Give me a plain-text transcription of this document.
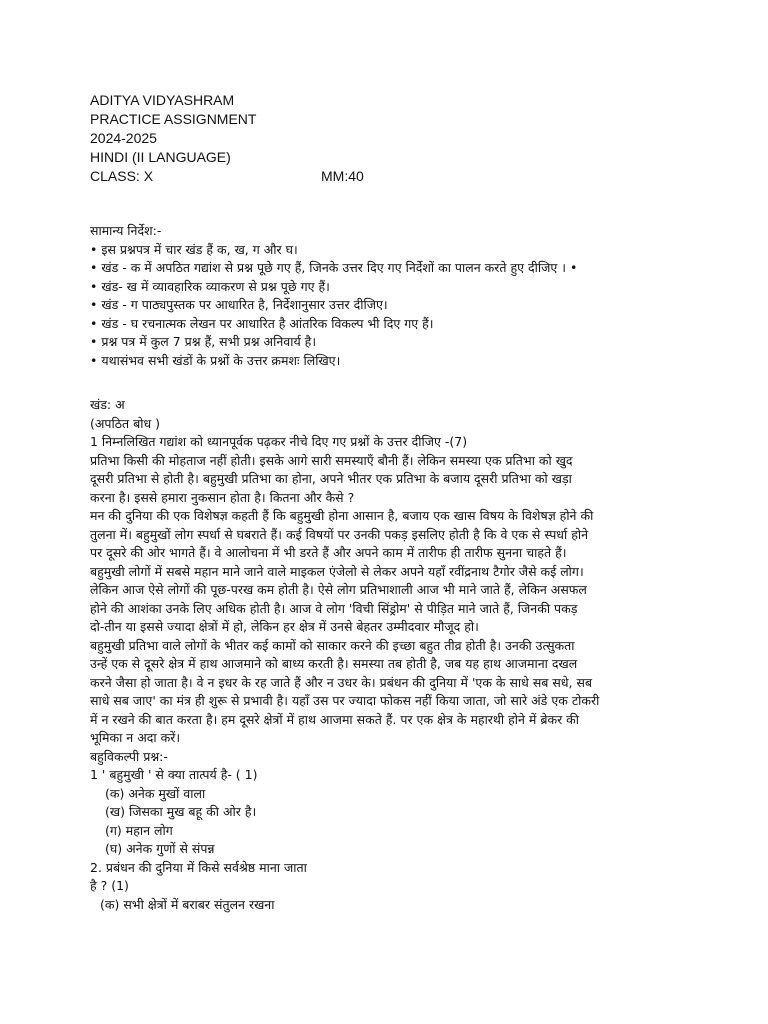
ADITYA VIDYASHRAM
PRACTICE ASSIGNMENT
2024-2025
HINDI (II LANGUAGE)
CLASS: X	MM:40
सामान्य निर्देश:-
• इस प्रश्नपत्र में चार खंड हैं क, ख, ग और घ।
• खंड - क में अपठित गद्यांश से प्रश्न पूछे गए हैं, जिनके उत्तर दिए गए निर्देशों का पालन करते हुए दीजिए । •
• खंड- ख में व्यावहारिक व्याकरण से प्रश्न पूछे गए हैं।
• खंड - ग पाठ्यपुस्तक पर आधारित है, निर्देशानुसार उत्तर दीजिए।
• खंड - घ रचनात्मक लेखन पर आधारित है आंतरिक विकल्प भी दिए गए हैं।
• प्रश्न पत्र में कुल 7 प्रश्न हैं, सभी प्रश्न अनिवार्य है।
• यथासंभव सभी खंडों के प्रश्नों के उत्तर क्रमशः लिखिए।
खंड: अ
(अपठित बोध )
1 निम्नलिखित गद्यांश को ध्यानपूर्वक पढ़कर नीचे दिए गए प्रश्नों के उत्तर दीजिए -(7)
प्रतिभा किसी की मोहताज नहीं होती। इसके आगे सारी समस्याएँ बौनी हैं। लेकिन समस्या एक प्रतिभा को खुद
दूसरी प्रतिभा से होती है। बहुमुखी प्रतिभा का होना, अपने भीतर एक प्रतिभा के बजाय दूसरी प्रतिभा को खड़ा
करना है। इससे हमारा नुकसान होता है। कितना और कैसे ?
मन की दुनिया की एक विशेषज्ञ कहती हैं कि बहुमुखी होना आसान है, बजाय एक खास विषय के विशेषज्ञ होने की
तुलना में। बहुमुखों लोग स्पर्धा से घबराते हैं। कई विषयों पर उनकी पकड़ इसलिए होती है कि वे एक से स्पर्धा होने
पर दूसरे की ओर भागते हैं। वे आलोचना में भी डरते हैं और अपने काम में तारीफ ही तारीफ सुनना चाहते हैं।
बहुमुखी लोगों में सबसे महान माने जाने वाले माइकल एंजेलो से लेकर अपने यहाँ रवींद्रनाथ टैगोर जैसे कई लोग।
लेकिन आज ऐसे लोगों की पूछ-परख कम होती है। ऐसे लोग प्रतिभाशाली आज भी माने जाते हैं, लेकिन असफल
होने की आशंका उनके लिए अधिक होती है। आज वे लोग 'विची सिंड्रोम' से पीड़ित माने जाते हैं, जिनकी पकड़
दो-तीन या इससे ज्यादा क्षेत्रों में हो, लेकिन हर क्षेत्र में उनसे बेहतर उम्मीदवार मौजूद हो।
बहुमुखी प्रतिभा वाले लोगों के भीतर कई कामों को साकार करने की इच्छा बहुत तीव्र होती है। उनकी उत्सुकता
उन्हें एक से दूसरे क्षेत्र में हाथ आजमाने को बाध्य करती है। समस्या तब होती है, जब यह हाथ आजमाना दखल
करने जैसा हो जाता है। वे न इधर के रह जाते हैं और न उधर के। प्रबंधन की दुनिया में 'एक के साधे सब सधे, सब
साधे सब जाए' का मंत्र ही शुरू से प्रभावी है। यहाँ उस पर ज्यादा फोकस नहीं किया जाता, जो सारे अंडे एक टोकरी
में न रखने की बात करता है। हम दूसरे क्षेत्रों में हाथ आजमा सकते हैं. पर एक क्षेत्र के महारथी होने में ब्रेकर की
भूमिका न अदा करें।
बहुविकल्पी प्रश्न:-
1 ' बहुमुखी ' से क्या तात्पर्य है- ( 1)
(क) अनेक मुखों वाला
(ख) जिसका मुख बहू की ओर है।
(ग) महान लोग
(घ) अनेक गुणों से संपन्न
2. प्रबंधन की दुनिया में किसे सर्वश्रेष्ठ माना जाता
है ? (1)
(क) सभी क्षेत्रों में बराबर संतुलन रखना
